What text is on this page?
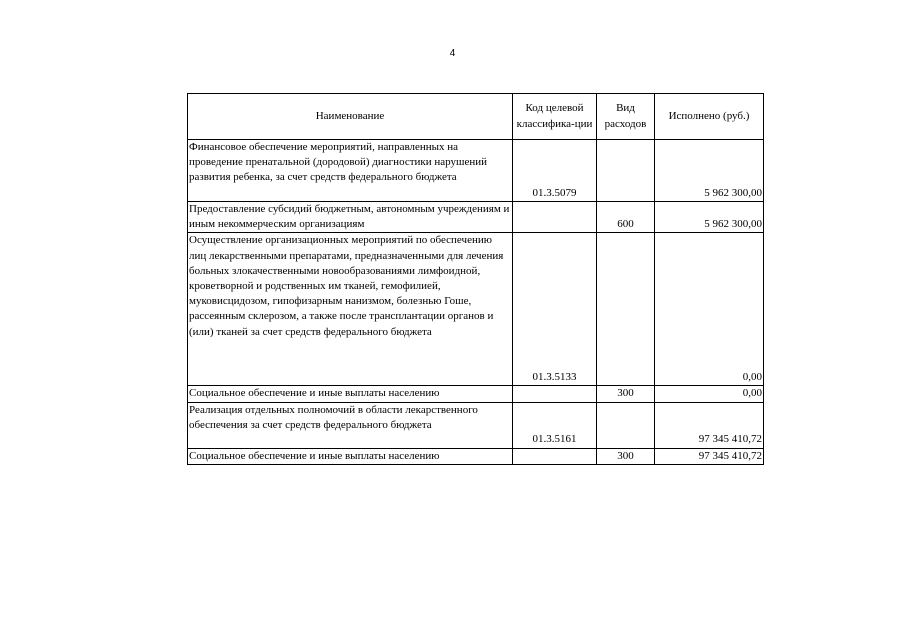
4
Наименование	Код целевой классифика-ции	Вид расходов	Исполнено (руб.)
Финансовое обеспечение мероприятий, направленных на проведение пренатальной (дородовой) диагностики нарушений развития ребенка, за счет средств федерального бюджета	01.3.5079		5 962 300,00
Предоставление субсидий бюджетным, автономным учреждениям и иным некоммерческим организациям		600	5 962 300,00
Осуществление организационных мероприятий по обеспечению лиц лекарственными препаратами, предназначенными для лечения больных злокачественными новообразованиями лимфоидной, кроветворной и родственных им тканей, гемофилией, муковисцидозом, гипофизарным нанизмом, болезнью Гоше, рассеянным склерозом, а также после трансплантации органов и (или) тканей за счет средств федерального бюджета	01.3.5133		0,00
Социальное обеспечение и иные выплаты населению		300	0,00
Реализация отдельных полномочий в области лекарственного обеспечения за счет средств федерального бюджета	01.3.5161		97 345 410,72
Социальное обеспечение и иные выплаты населению		300	97 345 410,72
